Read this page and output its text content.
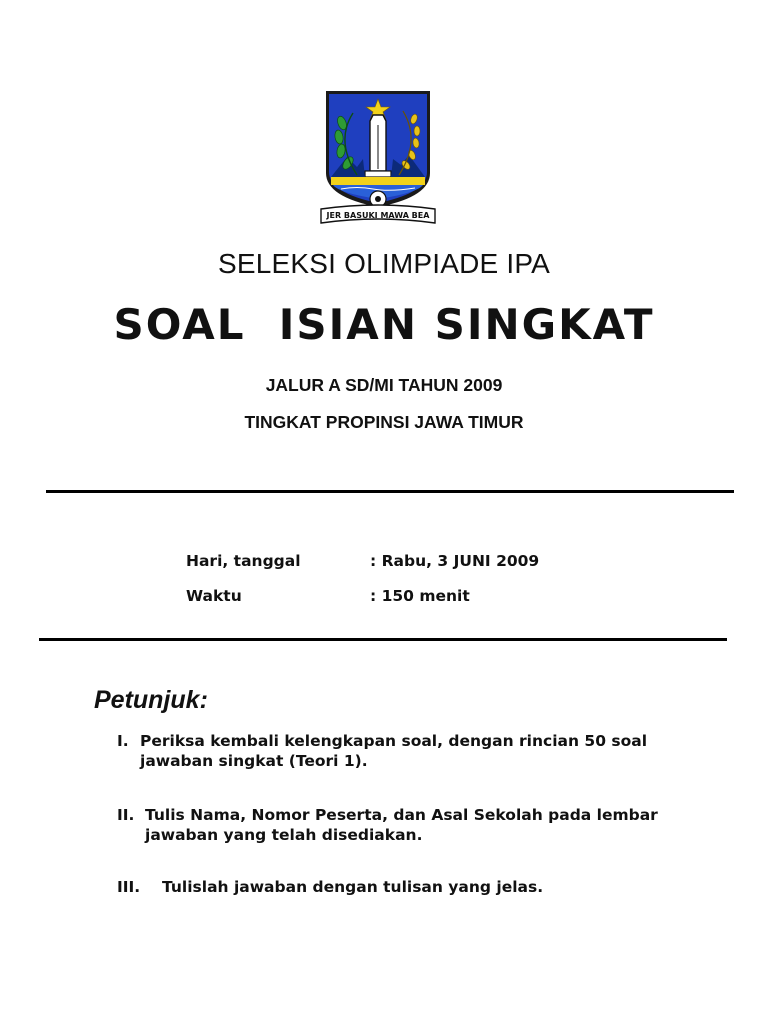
JER BASUKI MAWA BEA
SELEKSI OLIMPIADE IPA
SOAL  ISIAN SINGKAT
JALUR A SD/MI TAHUN 2009
TINGKAT PROPINSI JAWA TIMUR
Hari, tanggal	: Rabu, 3 JUNI 2009
Waktu	: 150 menit
Petunjuk:
I. Periksa kembali kelengkapan soal, dengan rincian 50 soal jawaban singkat (Teori 1).
II. Tulis Nama, Nomor Peserta, dan Asal Sekolah pada lembar jawaban yang telah disediakan.
III. Tulislah jawaban dengan tulisan yang jelas.
